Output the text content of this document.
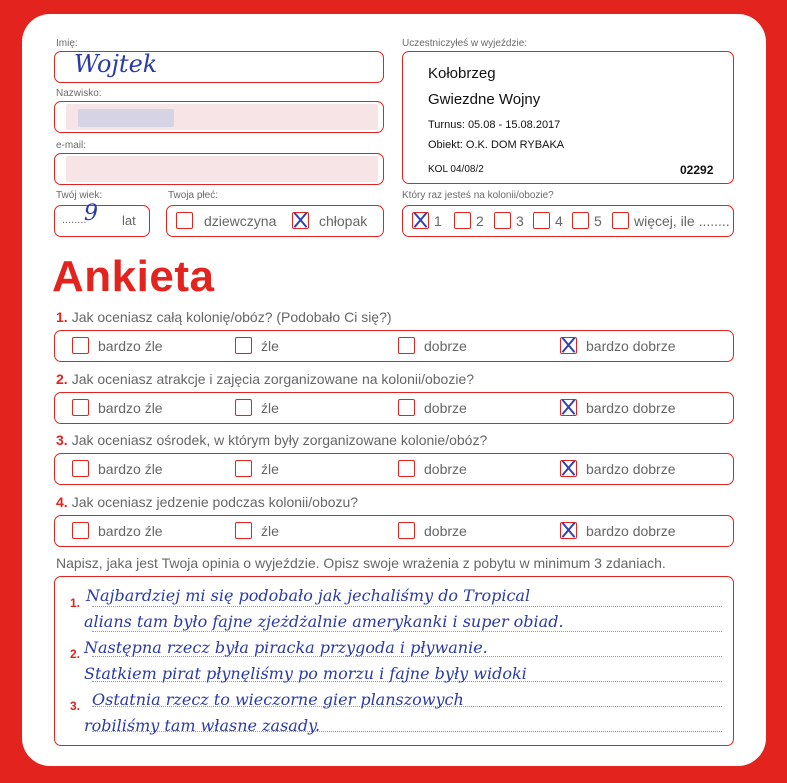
Imię:
Wojtek
Nazwisko:
e-mail:
Uczestniczyłeś w wyjeździe:
Kołobrzeg
Gwiezdne Wojny
Turnus: 05.08 - 15.08.2017
Obiekt: O.K. DOM RYBAKA
KOL 04/08/2	02292
Twój wiek:
........
9 lat
Twoja płeć:	Który raz jesteś na kolonii/obozie?
Ankieta
Napisz, jaka jest Twoja opinia o wyjeździe. Opisz swoje wrażenia z pobytu w minimum 3 zdaniach.
dziewczyna	chłopak	1 2 3 4 5 więcej, ile ........
1. Jak oceniasz całą kolonię/obóz? (Podobało Ci się?)
bardzo źle	źle	dobrze	bardzo dobrze
2. Jak oceniasz atrakcje i zajęcia zorganizowane na kolonii/obozie?
bardzo źle	źle	dobrze	bardzo dobrze
3. Jak oceniasz ośrodek, w którym były zorganizowane kolonie/obóz?
bardzo źle	źle	dobrze	bardzo dobrze
4. Jak oceniasz jedzenie podczas kolonii/obozu?
bardzo źle	źle	dobrze	bardzo dobrze
1.
2.
3.
Najbardziej mi się podobało jak jechaliśmy do Tropical
alians tam było fajne zjeżdżalnie amerykanki i super obiad.
Następna rzecz była piracka przygoda i pływanie.
Statkiem pirat płynęliśmy po morzu i fajne były widoki
Ostatnia rzecz to wieczorne gier planszowych
robiliśmy tam własne zasady.
